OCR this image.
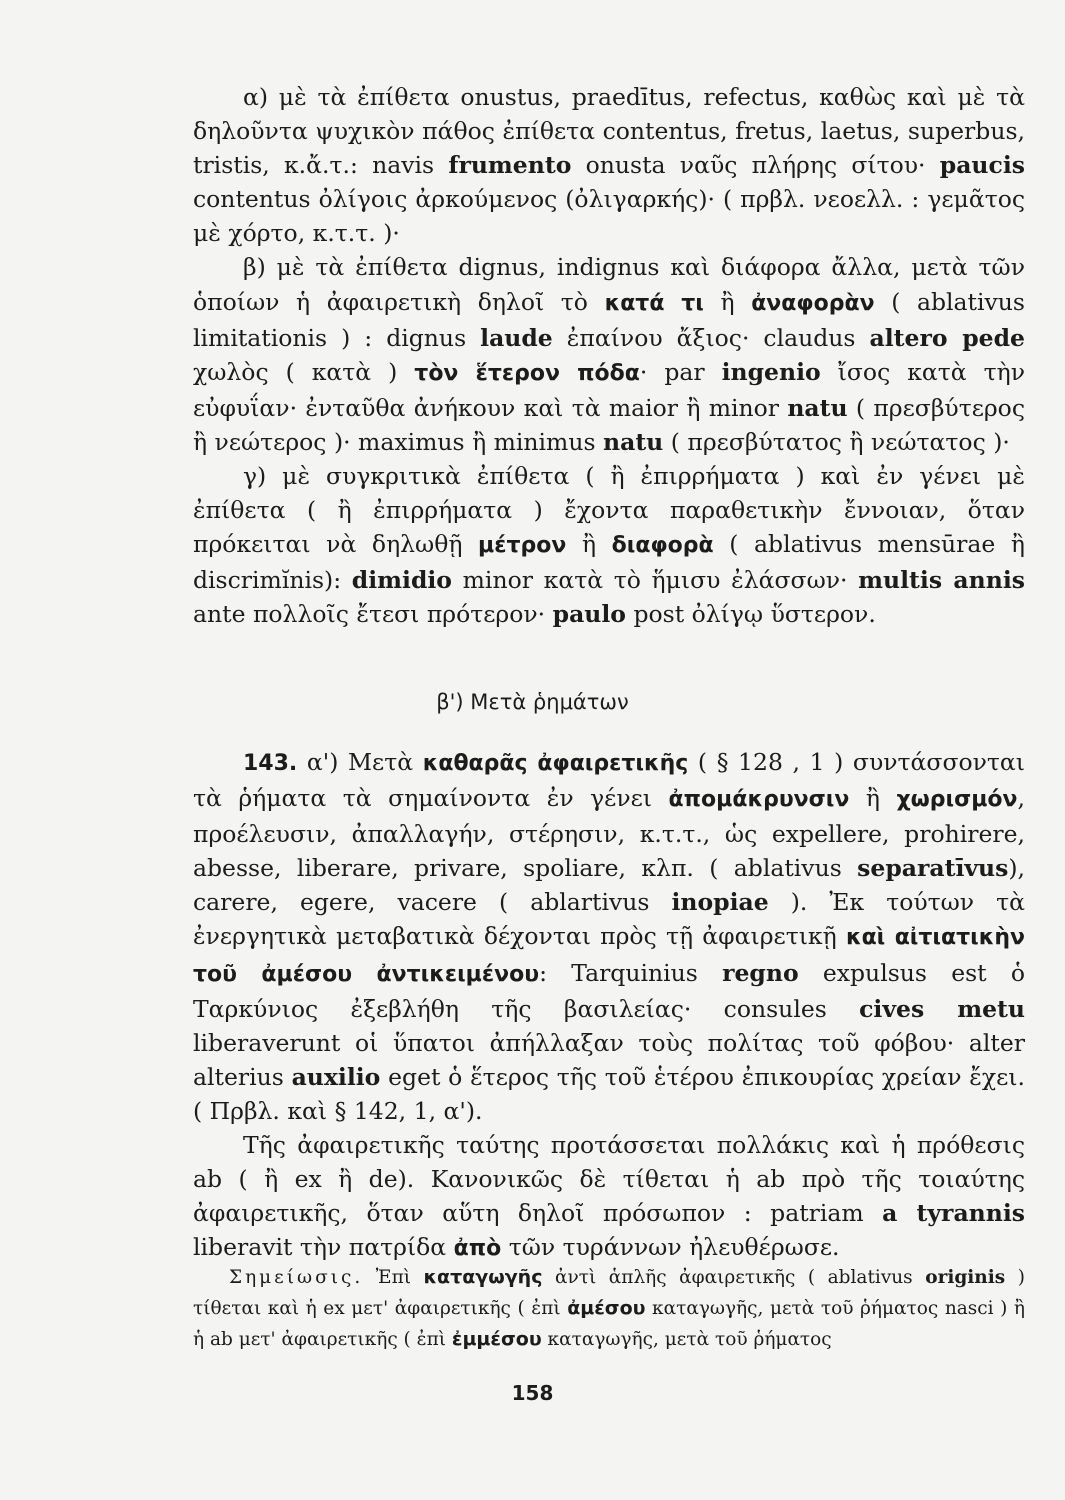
α) μὲ τὰ ἐπίθετα onustus, praedītus, refectus, καθὼς καὶ μὲ τὰ δηλοῦντα ψυχικὸν πάθος ἐπίθετα contentus, fretus, laetus, superbus, tristis, κ.ἄ.τ.: navis frumento onusta ναῦς πλήρης σίτου· paucis contentus ὀλίγοις ἀρκούμενος (ὀλιγαρκής)· ( πρβλ. νεοελλ. : γεμᾶτος μὲ χόρτο, κ.τ.τ. )·

β) μὲ τὰ ἐπίθετα dignus, indignus καὶ διάφορα ἄλλα, μετὰ τῶν ὁποίων ἡ ἀφαιρετικὴ δηλοῖ τὸ κατά τι ἢ ἀναφορὰν ( ablativus limitationis ) : dignus laude ἐπαίνου ἄξιος· claudus altero pede χωλὸς ( κατὰ ) τὸν ἕτερον πόδα· par ingenio ἴσος κατὰ τὴν εὐφυΐαν· ἐνταῦθα ἀνήκουν καὶ τὰ maior ἢ minor natu ( πρεσβύτερος ἢ νεώτερος )· maximus ἢ minimus natu ( πρεσβύτατος ἢ νεώτατος )·

γ) μὲ συγκριτικὰ ἐπίθετα ( ἢ ἐπιρρήματα ) καὶ ἐν γένει μὲ ἐπίθετα ( ἢ ἐπιρρήματα ) ἔχοντα παραθετικὴν ἔννοιαν, ὅταν πρόκειται νὰ δηλωθῇ μέτρον ἢ διαφορὰ ( ablativus mensūrae ἢ discrimĭnis): dimidio minor κατὰ τὸ ἥμισυ ἐλάσσων· multis annis ante πολλοῖς ἔτεσι πρότερον· paulo post ὀλίγῳ ὕστερον.

β') Μετὰ ῥημάτων

143. α') Μετὰ καθαρᾶς ἀφαιρετικῆς ( § 128 , 1 ) συντάσσονται τὰ ῥήματα τὰ σημαίνοντα ἐν γένει ἀπομάκρυνσιν ἢ χωρισμόν, προέλευσιν, ἀπαλλαγήν, στέρησιν, κ.τ.τ., ὡς expellere, prohirere, abesse, liberare, privare, spoliare, κλπ. ( ablativus separatīvus), carere, egere, vacere ( ablartivus inopiae ). Ἐκ τούτων τὰ ἐνεργητικὰ μεταβατικὰ δέχονται πρὸς τῇ ἀφαιρετικῇ καὶ αἰτιατικὴν τοῦ ἀμέσου ἀντικειμένου: Tarquinius regno expulsus est ὁ Ταρκύνιος ἐξεβλήθη τῆς βασιλείας· consules cives metu liberaverunt οἱ ὕπατοι ἀπήλλαξαν τοὺς πολίτας τοῦ φόβου· alter alterius auxilio eget ὁ ἕτερος τῆς τοῦ ἑτέρου ἐπικουρίας χρείαν ἔχει. ( Πρβλ. καὶ § 142, 1, α').

Τῆς ἀφαιρετικῆς ταύτης προτάσσεται πολλάκις καὶ ἡ πρόθεσις ab ( ἢ ex ἢ de). Κανονικῶς δὲ τίθεται ἡ ab πρὸ τῆς τοιαύτης ἀφαιρετικῆς, ὅταν αὕτη δηλοῖ πρόσωπον : patriam a tyrannis liberavit τὴν πατρίδα ἀπὸ τῶν τυράννων ἠλευθέρωσε.

Σημείωσις. Ἐπὶ καταγωγῆς ἀντὶ ἁπλῆς ἀφαιρετικῆς ( ablativus originis ) τίθεται καὶ ἡ ex μετ' ἀφαιρετικῆς ( ἐπὶ ἀμέσου καταγωγῆς, μετὰ τοῦ ῥήματος nasci ) ἢ ἡ ab μετ' ἀφαιρετικῆς ( ἐπὶ ἐμμέσου καταγωγῆς, μετὰ τοῦ ῥήματος

158
